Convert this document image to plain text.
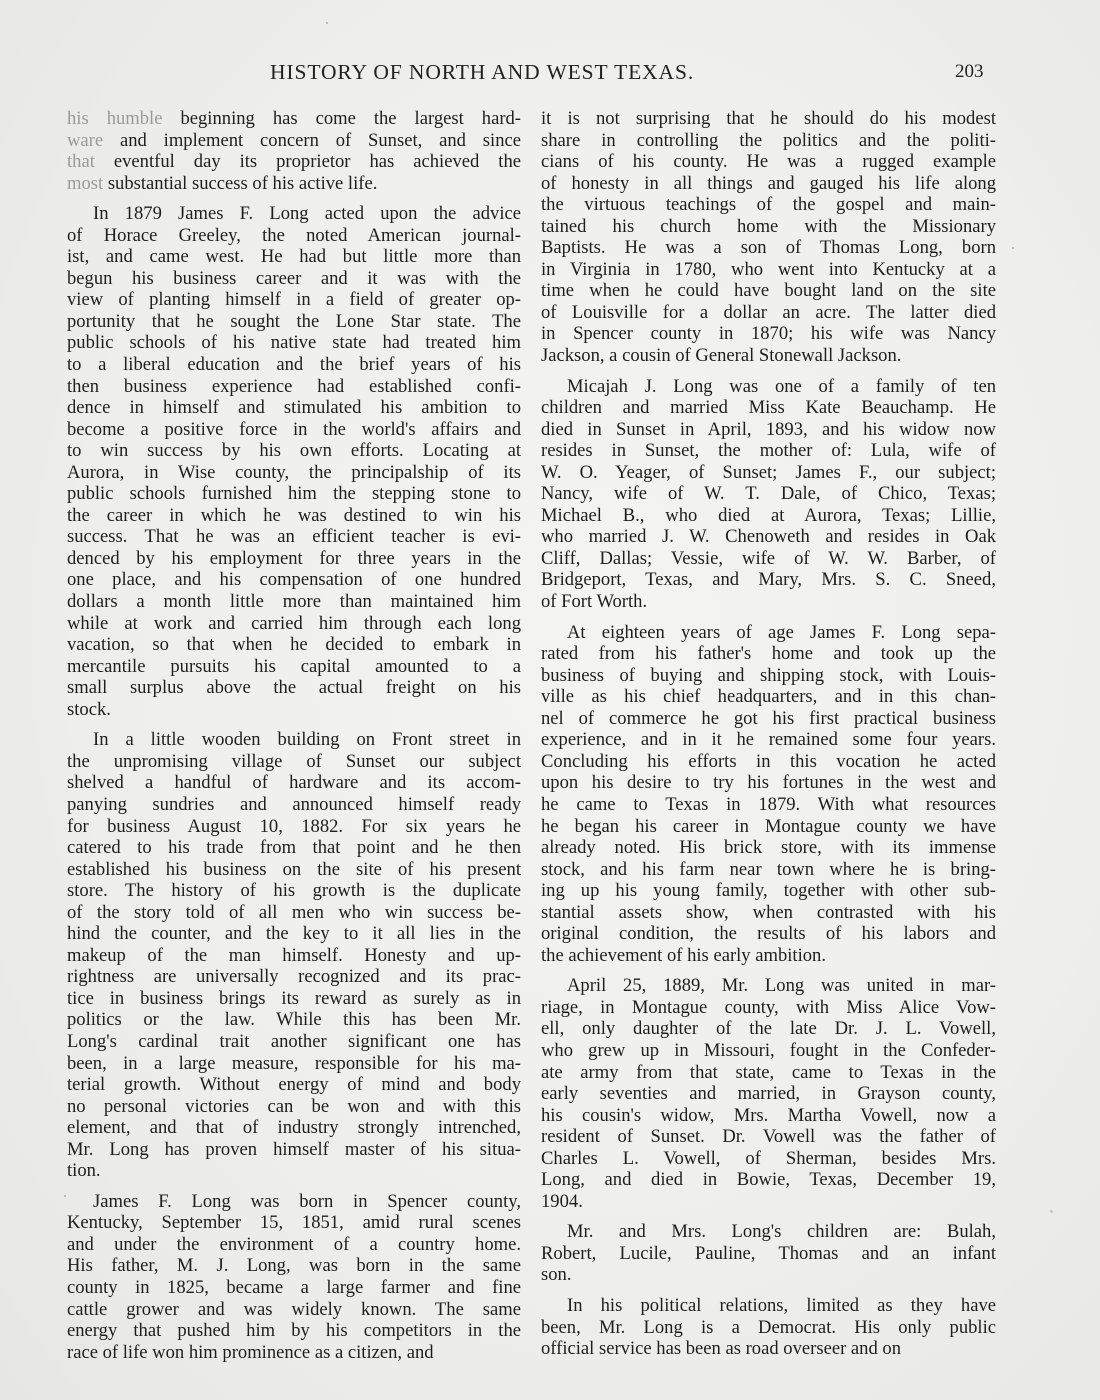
HISTORY OF NORTH AND WEST TEXAS.	203
his humble beginning has come the largest hard-
ware and implement concern of Sunset, and since
that eventful day its proprietor has achieved the
most substantial success of his active life.
In 1879 James F. Long acted upon the advice
of Horace Greeley, the noted American journal-
ist, and came west. He had but little more than
begun his business career and it was with the
view of planting himself in a field of greater op-
portunity that he sought the Lone Star state. The
public schools of his native state had treated him
to a liberal education and the brief years of his
then business experience had established confi-
dence in himself and stimulated his ambition to
become a positive force in the world's affairs and
to win success by his own efforts. Locating at
Aurora, in Wise county, the principalship of its
public schools furnished him the stepping stone to
the career in which he was destined to win his
success. That he was an efficient teacher is evi-
denced by his employment for three years in the
one place, and his compensation of one hundred
dollars a month little more than maintained him
while at work and carried him through each long
vacation, so that when he decided to embark in
mercantile pursuits his capital amounted to a
small surplus above the actual freight on his
stock.
In a little wooden building on Front street in
the unpromising village of Sunset our subject
shelved a handful of hardware and its accom-
panying sundries and announced himself ready
for business August 10, 1882. For six years he
catered to his trade from that point and he then
established his business on the site of his present
store. The history of his growth is the duplicate
of the story told of all men who win success be-
hind the counter, and the key to it all lies in the
makeup of the man himself. Honesty and up-
rightness are universally recognized and its prac-
tice in business brings its reward as surely as in
politics or the law. While this has been Mr.
Long's cardinal trait another significant one has
been, in a large measure, responsible for his ma-
terial growth. Without energy of mind and body
no personal victories can be won and with this
element, and that of industry strongly intrenched,
Mr. Long has proven himself master of his situa-
tion.
James F. Long was born in Spencer county,
Kentucky, September 15, 1851, amid rural scenes
and under the environment of a country home.
His father, M. J. Long, was born in the same
county in 1825, became a large farmer and fine
cattle grower and was widely known. The same
energy that pushed him by his competitors in the
race of life won him prominence as a citizen, and
it is not surprising that he should do his modest
share in controlling the politics and the politi-
cians of his county. He was a rugged example
of honesty in all things and gauged his life along
the virtuous teachings of the gospel and main-
tained his church home with the Missionary
Baptists. He was a son of Thomas Long, born
in Virginia in 1780, who went into Kentucky at a
time when he could have bought land on the site
of Louisville for a dollar an acre. The latter died
in Spencer county in 1870; his wife was Nancy
Jackson, a cousin of General Stonewall Jackson.
Micajah J. Long was one of a family of ten
children and married Miss Kate Beauchamp. He
died in Sunset in April, 1893, and his widow now
resides in Sunset, the mother of: Lula, wife of
W. O. Yeager, of Sunset; James F., our subject;
Nancy, wife of W. T. Dale, of Chico, Texas;
Michael B., who died at Aurora, Texas; Lillie,
who married J. W. Chenoweth and resides in Oak
Cliff, Dallas; Vessie, wife of W. W. Barber, of
Bridgeport, Texas, and Mary, Mrs. S. C. Sneed,
of Fort Worth.
At eighteen years of age James F. Long sepa-
rated from his father's home and took up the
business of buying and shipping stock, with Louis-
ville as his chief headquarters, and in this chan-
nel of commerce he got his first practical business
experience, and in it he remained some four years.
Concluding his efforts in this vocation he acted
upon his desire to try his fortunes in the west and
he came to Texas in 1879. With what resources
he began his career in Montague county we have
already noted. His brick store, with its immense
stock, and his farm near town where he is bring-
ing up his young family, together with other sub-
stantial assets show, when contrasted with his
original condition, the results of his labors and
the achievement of his early ambition.
April 25, 1889, Mr. Long was united in mar-
riage, in Montague county, with Miss Alice Vow-
ell, only daughter of the late Dr. J. L. Vowell,
who grew up in Missouri, fought in the Confeder-
ate army from that state, came to Texas in the
early seventies and married, in Grayson county,
his cousin's widow, Mrs. Martha Vowell, now a
resident of Sunset. Dr. Vowell was the father of
Charles L. Vowell, of Sherman, besides Mrs.
Long, and died in Bowie, Texas, December 19,
1904.
Mr. and Mrs. Long's children are: Bulah,
Robert, Lucile, Pauline, Thomas and an infant
son.
In his political relations, limited as they have
been, Mr. Long is a Democrat. His only public
official service has been as road overseer and on
